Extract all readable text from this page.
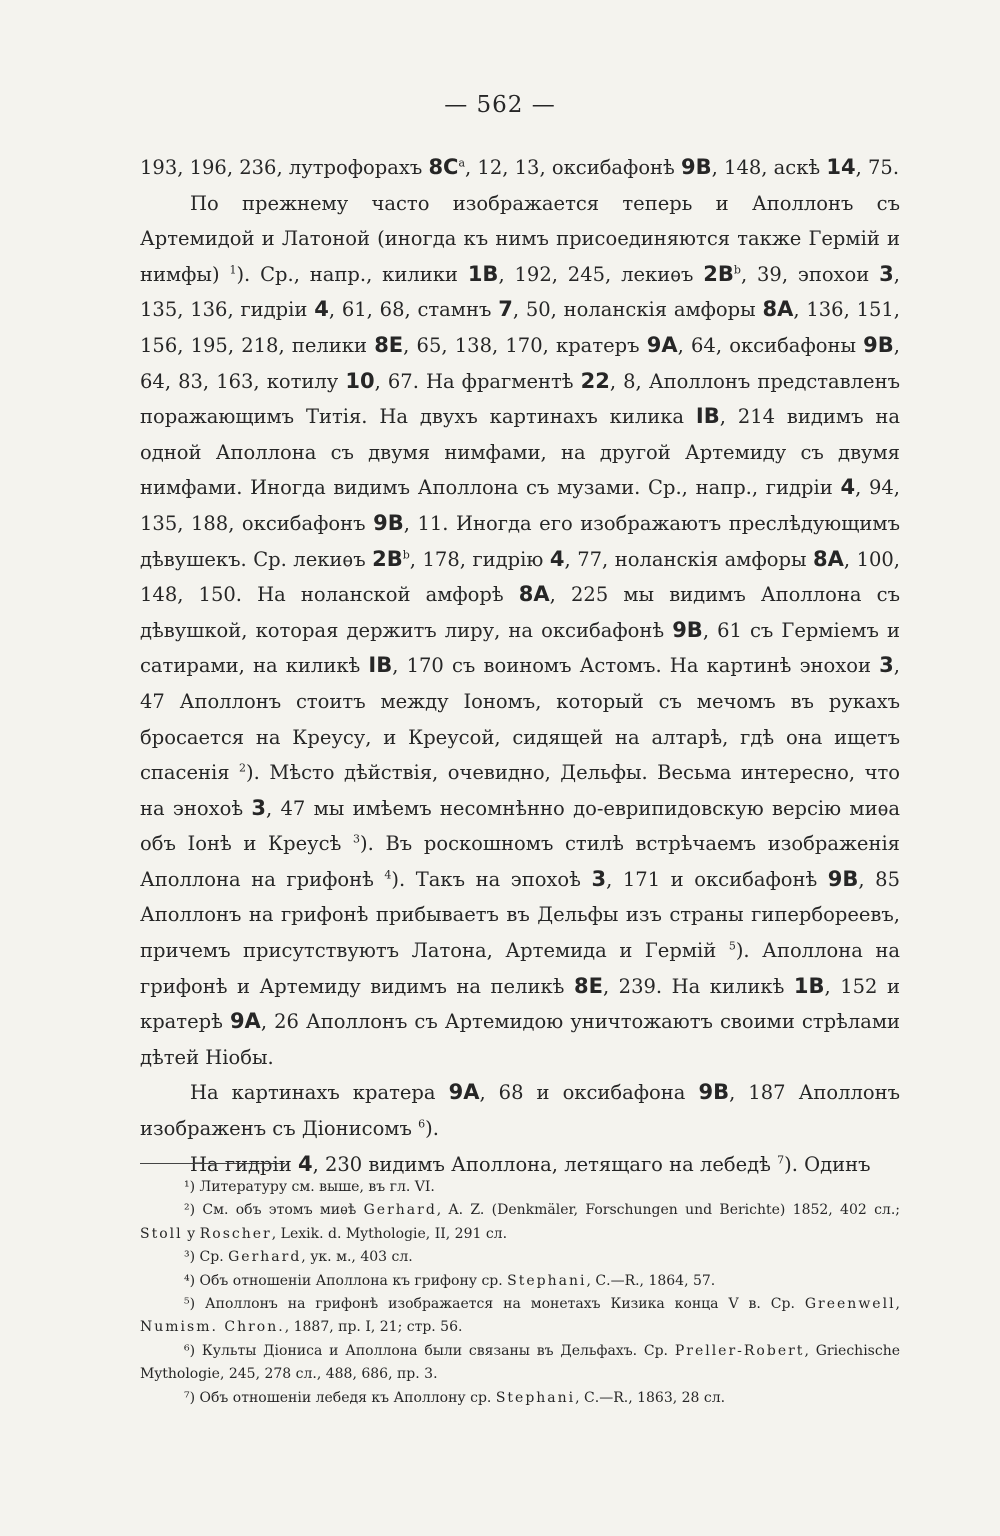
— 562 —

193, 196, 236, лутрофорахъ $8C^a$, 12, 13, оксибафонѣ 9B, 148, аскѣ 14, 75.

По прежнему часто изображается теперь и Аполлонъ съ Артемидой и Латоной (иногда къ нимъ присоединяются также Гермій и нимфы) $^1$). Ср., напр., килики 1B, 192, 245, лекиѳъ $2B^b$, 39, эпохои 3, 135, 136, гидріи 4, 61, 68, стамнъ 7, 50, ноланскія амфоры 8A, 136, 151, 156, 195, 218, пелики 8E, 65, 138, 170, кратеръ 9A, 64, оксибафоны 9B, 64, 83, 163, котилу 10, 67. На фрагментѣ 22, 8, Аполлонъ представленъ поражающимъ Титія. На двухъ картинахъ килика IB, 214 видимъ на одной Аполлона съ двумя нимфами, на другой Артемиду съ двумя нимфами. Иногда видимъ Аполлона съ музами. Ср., напр., гидріи 4, 94, 135, 188, оксибафонъ 9B, 11. Иногда его изображаютъ преслѣдующимъ дѣвушекъ. Ср. лекиѳъ $2B^b$, 178, гидрію 4, 77, ноланскія амфоры 8A, 100, 148, 150. На ноланской амфорѣ 8A, 225 мы видимъ Аполлона съ дѣвушкой, которая держитъ лиру, на оксибафонѣ 9B, 61 съ Герміемъ и сатирами, на киликѣ IB, 170 съ воиномъ Астомъ. На картинѣ энохои 3, 47 Аполлонъ стоитъ между Іономъ, который съ мечомъ въ рукахъ бросается на Креусу, и Креусой, сидящей на алтарѣ, гдѣ она ищетъ спасенія $^2$). Мѣсто дѣйствія, очевидно, Дельфы. Весьма интересно, что на энохоѣ 3, 47 мы имѣемъ несомнѣнно до-еврипидовскую версію миѳа объ Іонѣ и Креусѣ $^3$). Въ роскошномъ стилѣ встрѣчаемъ изображенія Аполлона на грифонѣ $^4$). Такъ на эпохоѣ 3, 171 и оксибафонѣ 9B, 85 Аполлонъ на грифонѣ прибываетъ въ Дельфы изъ страны гипербореевъ, причемъ присутствуютъ Латона, Артемида и Гермій $^5$). Аполлона на грифонѣ и Артемиду видимъ на пеликѣ 8E, 239. На киликѣ 1B, 152 и кратерѣ 9A, 26 Аполлонъ съ Артемидою уничтожаютъ своими стрѣлами дѣтей Ніобы.

На картинахъ кратера 9A, 68 и оксибафона 9B, 187 Аполлонъ изображенъ съ Діонисомъ $^6$).

На гидріи 4, 230 видимъ Аполлона, летящаго на лебедѣ $^7$). Одинъ

¹) Литературу см. выше, въ гл. VI.

²) См. объ этомъ миѳѣ Gerhard, A. Z. (Denkmäler, Forschungen und Berichte) 1852, 402 сл.; Stoll у Roscher, Lexik. d. Mythologie, II, 291 сл.

³) Ср. Gerhard, ук. м., 403 сл.

⁴) Объ отношеніи Аполлона къ грифону ср. Stephani, С.—R., 1864, 57.

⁵) Аполлонъ на грифонѣ изображается на монетахъ Кизика конца V в. Ср. Greenwell, Numism. Chron., 1887, пр. I, 21; стр. 56.

⁶) Культы Діониса и Аполлона были связаны въ Дельфахъ. Ср. Preller-Robert, Griechische Mythologie, 245, 278 сл., 488, 686, пр. 3.

⁷) Объ отношеніи лебедя къ Аполлону ср. Stephani, С.—R., 1863, 28 сл.
